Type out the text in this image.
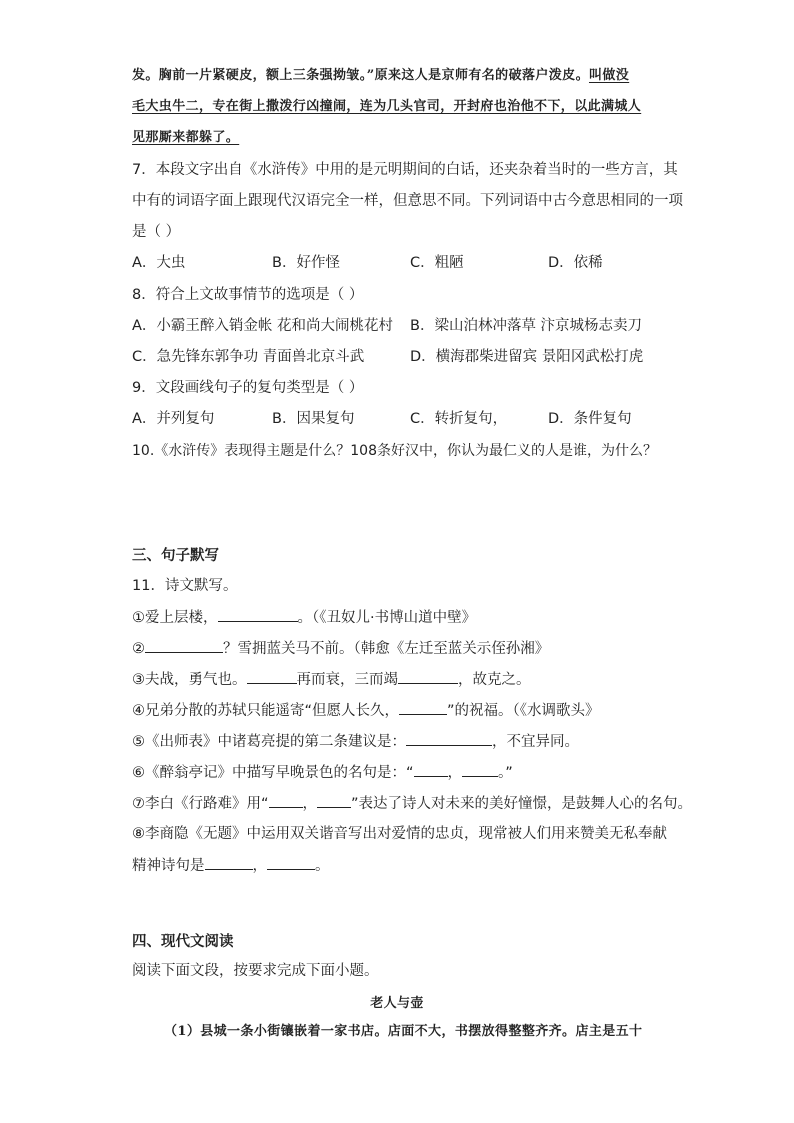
发。胸前一片紧硬皮，额上三条强拗皱。”原来这人是京师有名的破落户泼皮。叫做没
毛大虫牛二，专在街上撒泼行凶撞闹，连为几头官司，开封府也治他不下，以此满城人
见那厮来都躲了。
7．本段文字出自《水浒传》中用的是元明期间的白话，还夹杂着当时的一些方言，其
中有的词语字面上跟现代汉语完全一样，但意思不同。下列词语中古今意思相同的一项
是（ ）
A．大虫	B．好作怪	C．粗陋	D．依稀
8．符合上文故事情节的选项是（ ）
A．小霸王醉入销金帐 花和尚大闹桃花村 B．梁山泊林冲落草 汴京城杨志卖刀
C．急先锋东郭争功 青面兽北京斗武	D．横海郡柴进留宾 景阳冈武松打虎
9．文段画线句子的复句类型是（ ）
A．并列复句	B．因果复句	C．转折复句，	D．条件复句
10.《水浒传》表现得主题是什么？108条好汉中，你认为最仁义的人是谁，为什么？
三、句子默写
11．诗文默写。
①爱上层楼，	。（《丑奴儿·书博山道中壁》
②	？雪拥蓝关马不前。（韩愈《左迁至蓝关示侄孙湘》
③夫战，勇气也。	再而衰，三而竭	，故克之。
④兄弟分散的苏轼只能遥寄“但愿人长久，	”的祝福。（《水调歌头》
⑤《出师表》中诸葛亮提的第二条建议是：	，不宜异同。
⑥《醉翁亭记》中描写早晚景色的名句是：“ ， 。”
⑦李白《行路难》用“ ， ”表达了诗人对未来的美好憧憬，是鼓舞人心的名句。
⑧李商隐《无题》中运用双关谐音写出对爱情的忠贞，现常被人们用来赞美无私奉献
精神诗句是	，	。
四、现代文阅读
阅读下面文段，按要求完成下面小题。
老人与壶
（1）县城一条小街镶嵌着一家书店。店面不大，书摆放得整整齐齐。店主是五十
